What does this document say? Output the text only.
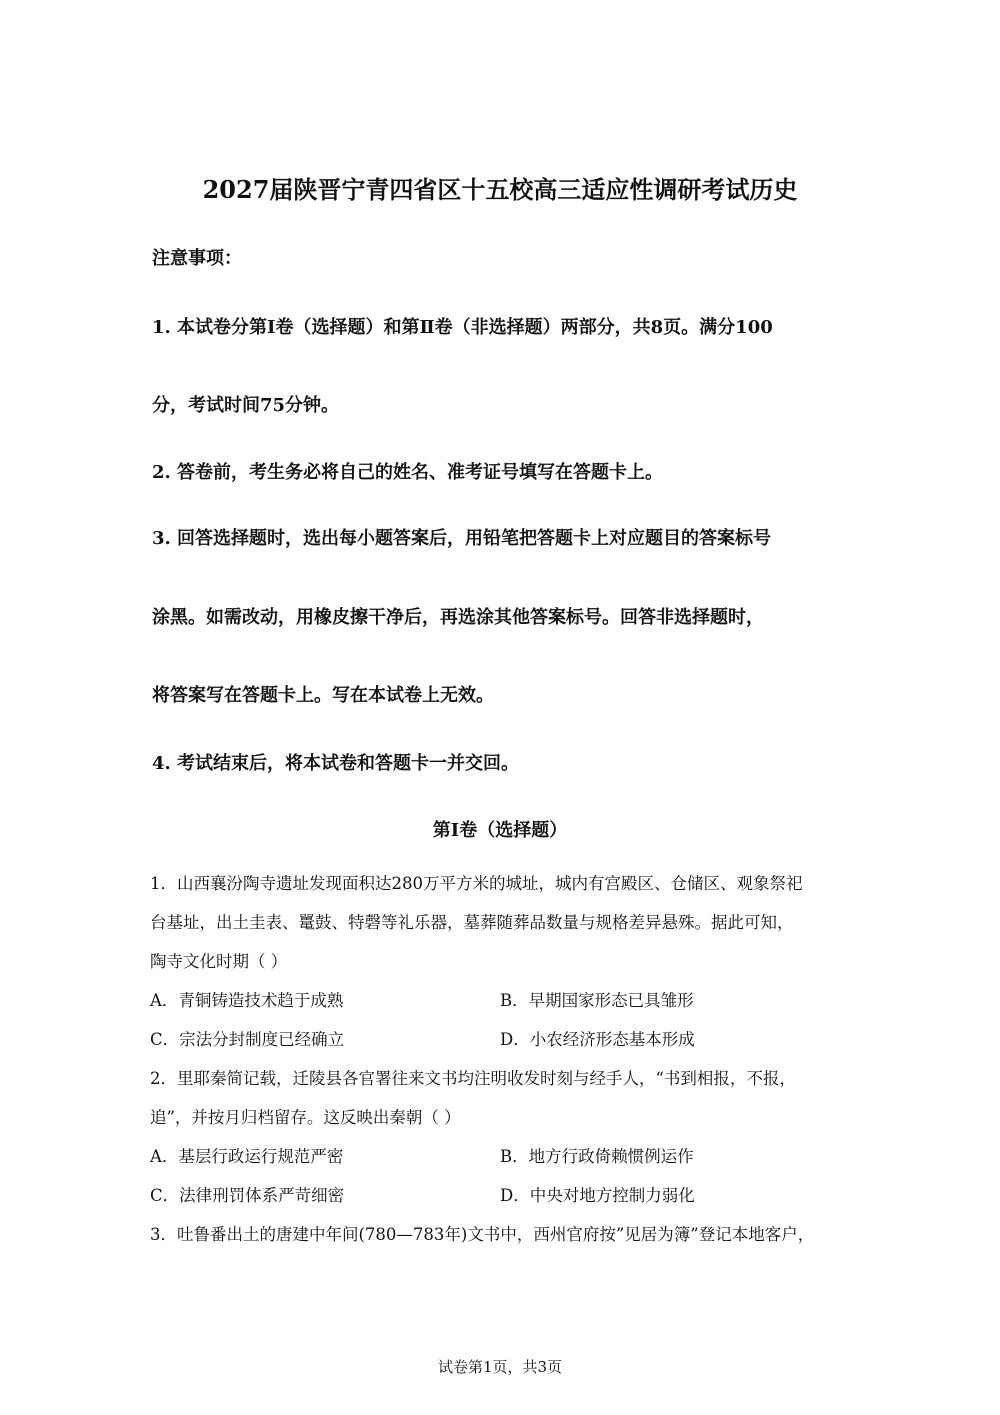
2027届陕晋宁青四省区十五校高三适应性调研考试历史
注意事项：
1. 本试卷分第Ⅰ卷（选择题）和第Ⅱ卷（非选择题）两部分，共8页。满分100
分，考试时间75分钟。
2. 答卷前，考生务必将自己的姓名、准考证号填写在答题卡上。
3. 回答选择题时，选出每小题答案后，用铅笔把答题卡上对应题目的答案标号
涂黑。如需改动，用橡皮擦干净后，再选涂其他答案标号。回答非选择题时，
将答案写在答题卡上。写在本试卷上无效。
4. 考试结束后，将本试卷和答题卡一并交回。
第Ⅰ卷（选择题）
1．山西襄汾陶寺遗址发现面积达280万平方米的城址，城内有宫殿区、仓储区、观象祭祀
台基址，出土圭表、鼍鼓、特磬等礼乐器，墓葬随葬品数量与规格差异悬殊。据此可知，
陶寺文化时期（ ）
A．青铜铸造技术趋于成熟	B．早期国家形态已具雏形
C．宗法分封制度已经确立	D．小农经济形态基本形成
2．里耶秦简记载，迁陵县各官署往来文书均注明收发时刻与经手人，“书到相报，不报，
追”，并按月归档留存。这反映出秦朝（ ）
A．基层行政运行规范严密	B．地方行政倚赖惯例运作
C．法律刑罚体系严苛细密	D．中央对地方控制力弱化
3．吐鲁番出土的唐建中年间(780—783年)文书中，西州官府按”见居为簿”登记本地客户，
试卷第1页，共3页
